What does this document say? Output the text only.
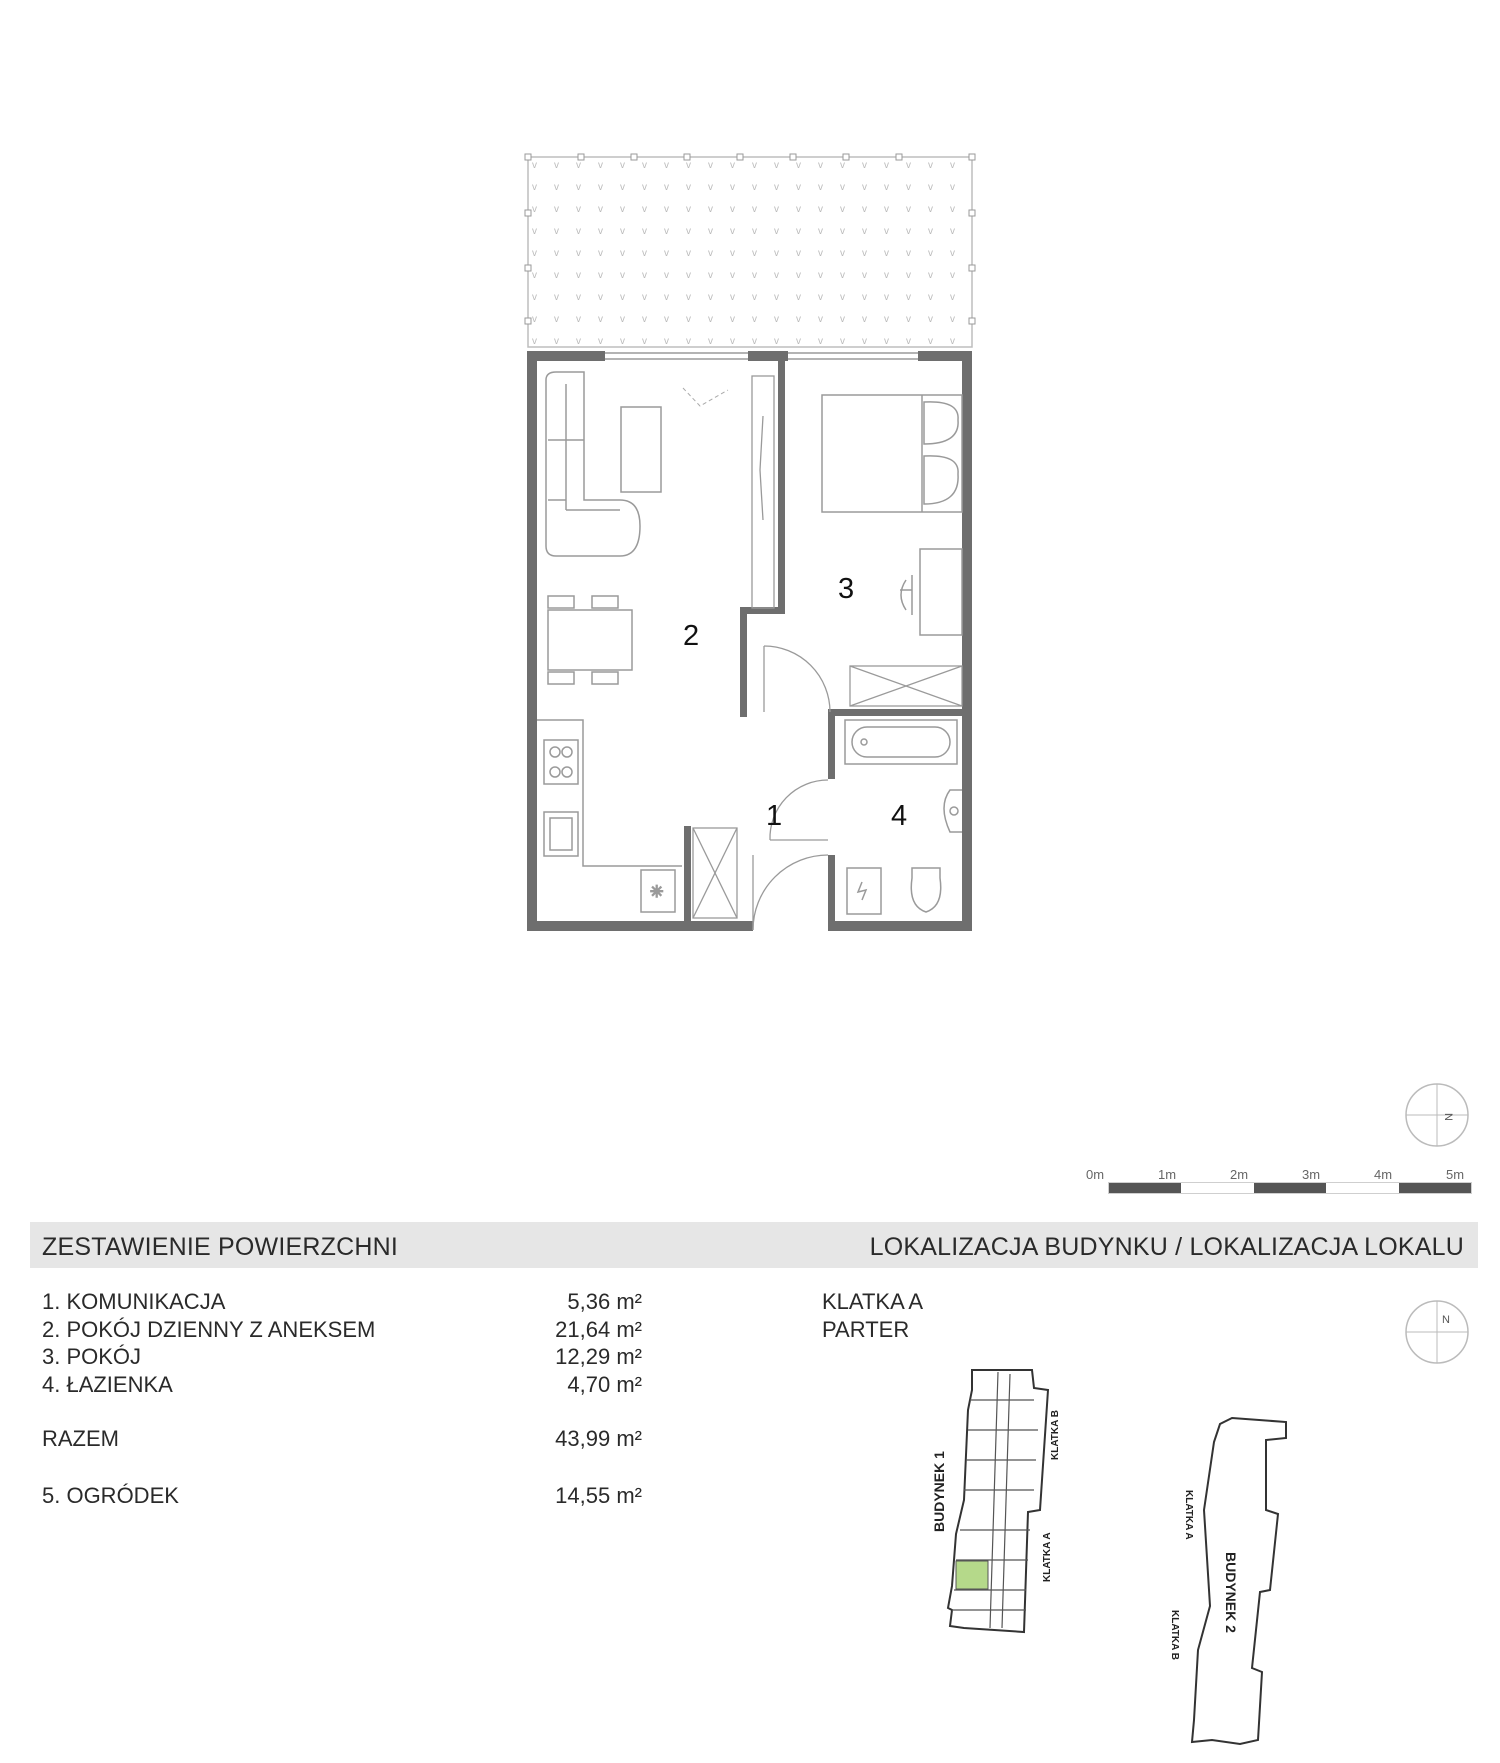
✳
2
3
1	4
N
0m	1m	2m	3m	4m	5m
ZESTAWIENIE POWIERZCHNI	LOKALIZACJA BUDYNKU / LOKALIZACJA LOKALU
1. KOMUNIKACJA	5,36 m²
2. POKÓJ DZIENNY Z ANEKSEM	21,64 m²
3. POKÓJ	12,29 m²
4. ŁAZIENKA	4,70 m²
RAZEM	43,99 m²
5. OGRÓDEK	14,55 m²
KLATKA A
PARTER	N
BUDYNEK 1
KLATKA B
KLATKA A	BUDYNEK 2
KLATKA A
KLATKA B
